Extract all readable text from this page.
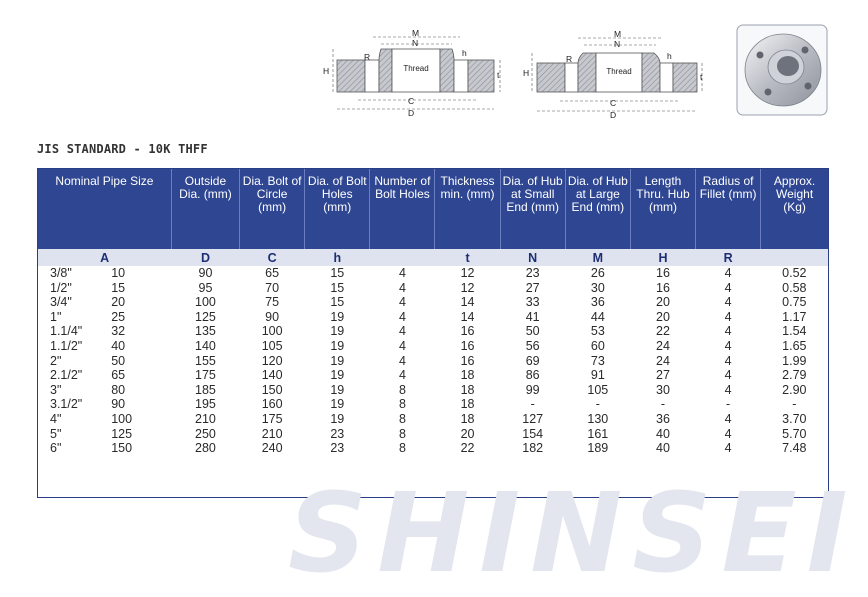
Thread
M
N
h
R
H	t
C
D
Thread
M
N
h
R
H	t
C
D
JIS STANDARD - 10K THFF
SHINSEI
Nominal Pipe Size		Outside Dia. (mm)	Dia. Bolt of Circle (mm)	Dia. of Bolt Holes (mm)	Number of Bolt Holes	Thickness min. (mm)	Dia. of Hub at Small End (mm)	Dia. of Hub at Large End (mm)	Length Thru. Hub (mm)	Radius of Fillet (mm)	Approx. Weight (Kg)
A		D	C	h		t	N	M	H	R	
3/8"	10	90	65	15	4	12	23	26	16	4	0.52
1/2"	15	95	70	15	4	12	27	30	16	4	0.58
3/4"	20	100	75	15	4	14	33	36	20	4	0.75
1"	25	125	90	19	4	14	41	44	20	4	1.17
1.1/4"	32	135	100	19	4	16	50	53	22	4	1.54
1.1/2"	40	140	105	19	4	16	56	60	24	4	1.65
2"	50	155	120	19	4	16	69	73	24	4	1.99
2.1/2"	65	175	140	19	4	18	86	91	27	4	2.79
3"	80	185	150	19	8	18	99	105	30	4	2.90
3.1/2"	90	195	160	19	8	18	-	-	-	-	-
4"	100	210	175	19	8	18	127	130	36	4	3.70
5"	125	250	210	23	8	20	154	161	40	4	5.70
6"	150	280	240	23	8	22	182	189	40	4	7.48
